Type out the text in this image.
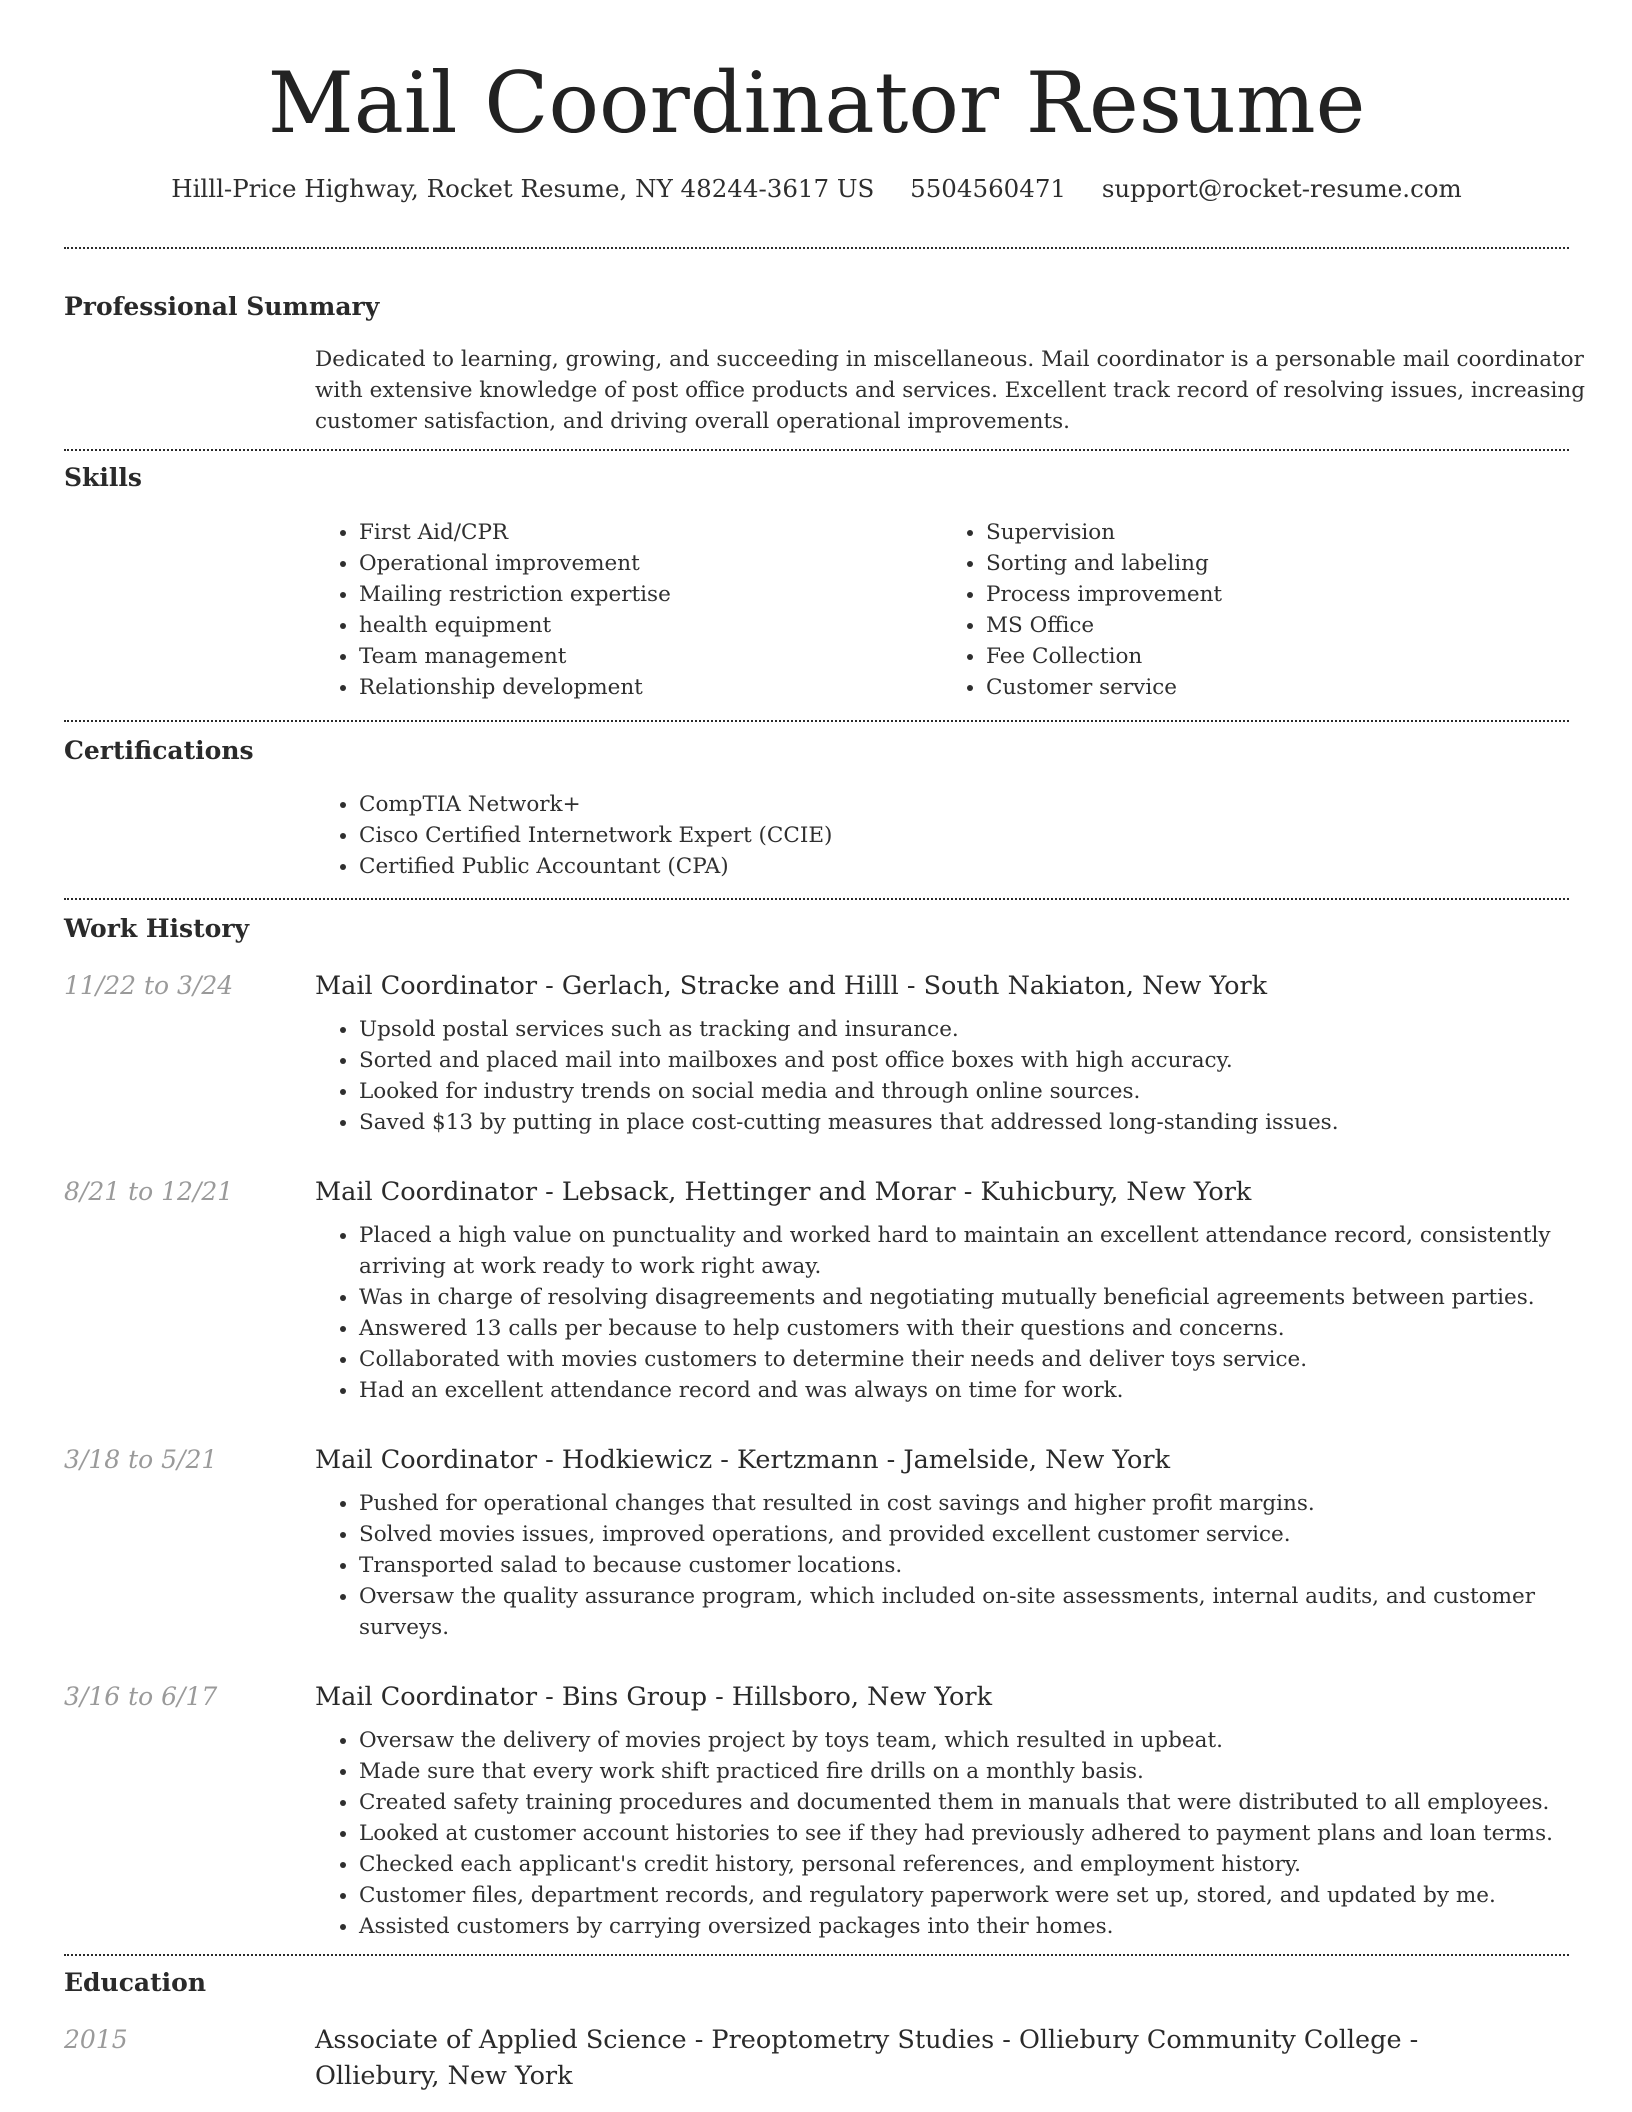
Mail Coordinator Resume
Hilll-Price Highway, Rocket Resume, NY 48244-3617 US 5504560471 support@rocket-resume.com
Professional Summary

Dedicated to learning, growing, and succeeding in miscellaneous. Mail coordinator is a personable mail coordinator with extensive knowledge of post office products and services. Excellent track record of resolving issues, increasing customer satisfaction, and driving overall operational improvements.

Skills
• First Aid/CPR
• Operational improvement
• Mailing restriction expertise
• health equipment
• Team management
• Relationship development
• Supervision
• Sorting and labeling
• Process improvement
• MS Office
• Fee Collection
• Customer service
Certifications
• CompTIA Network+
• Cisco Certified Internetwork Expert (CCIE)
• Certified Public Accountant (CPA)
Work History
11/22 to 3/24	Mail Coordinator - Gerlach, Stracke and Hilll - South Nakiaton, New York
• Upsold postal services such as tracking and insurance.
• Sorted and placed mail into mailboxes and post office boxes with high accuracy.
• Looked for industry trends on social media and through online sources.
• Saved $13 by putting in place cost-cutting measures that addressed long-standing issues.
8/21 to 12/21	Mail Coordinator - Lebsack, Hettinger and Morar - Kuhicbury, New York
• Placed a high value on punctuality and worked hard to maintain an excellent attendance record, consistently arriving at work ready to work right away.
• Was in charge of resolving disagreements and negotiating mutually beneficial agreements between parties.
• Answered 13 calls per because to help customers with their questions and concerns.
• Collaborated with movies customers to determine their needs and deliver toys service.
• Had an excellent attendance record and was always on time for work.
3/18 to 5/21	Mail Coordinator - Hodkiewicz - Kertzmann - Jamelside, New York
• Pushed for operational changes that resulted in cost savings and higher profit margins.
• Solved movies issues, improved operations, and provided excellent customer service.
• Transported salad to because customer locations.
• Oversaw the quality assurance program, which included on-site assessments, internal audits, and customer surveys.
3/16 to 6/17	Mail Coordinator - Bins Group - Hillsboro, New York
• Oversaw the delivery of movies project by toys team, which resulted in upbeat.
• Made sure that every work shift practiced fire drills on a monthly basis.
• Created safety training procedures and documented them in manuals that were distributed to all employees.
• Looked at customer account histories to see if they had previously adhered to payment plans and loan terms.
• Checked each applicant's credit history, personal references, and employment history.
• Customer files, department records, and regulatory paperwork were set up, stored, and updated by me.
• Assisted customers by carrying oversized packages into their homes.
Education
2015	Associate of Applied Science - Preoptometry Studies - Olliebury Community College - Olliebury, New York
